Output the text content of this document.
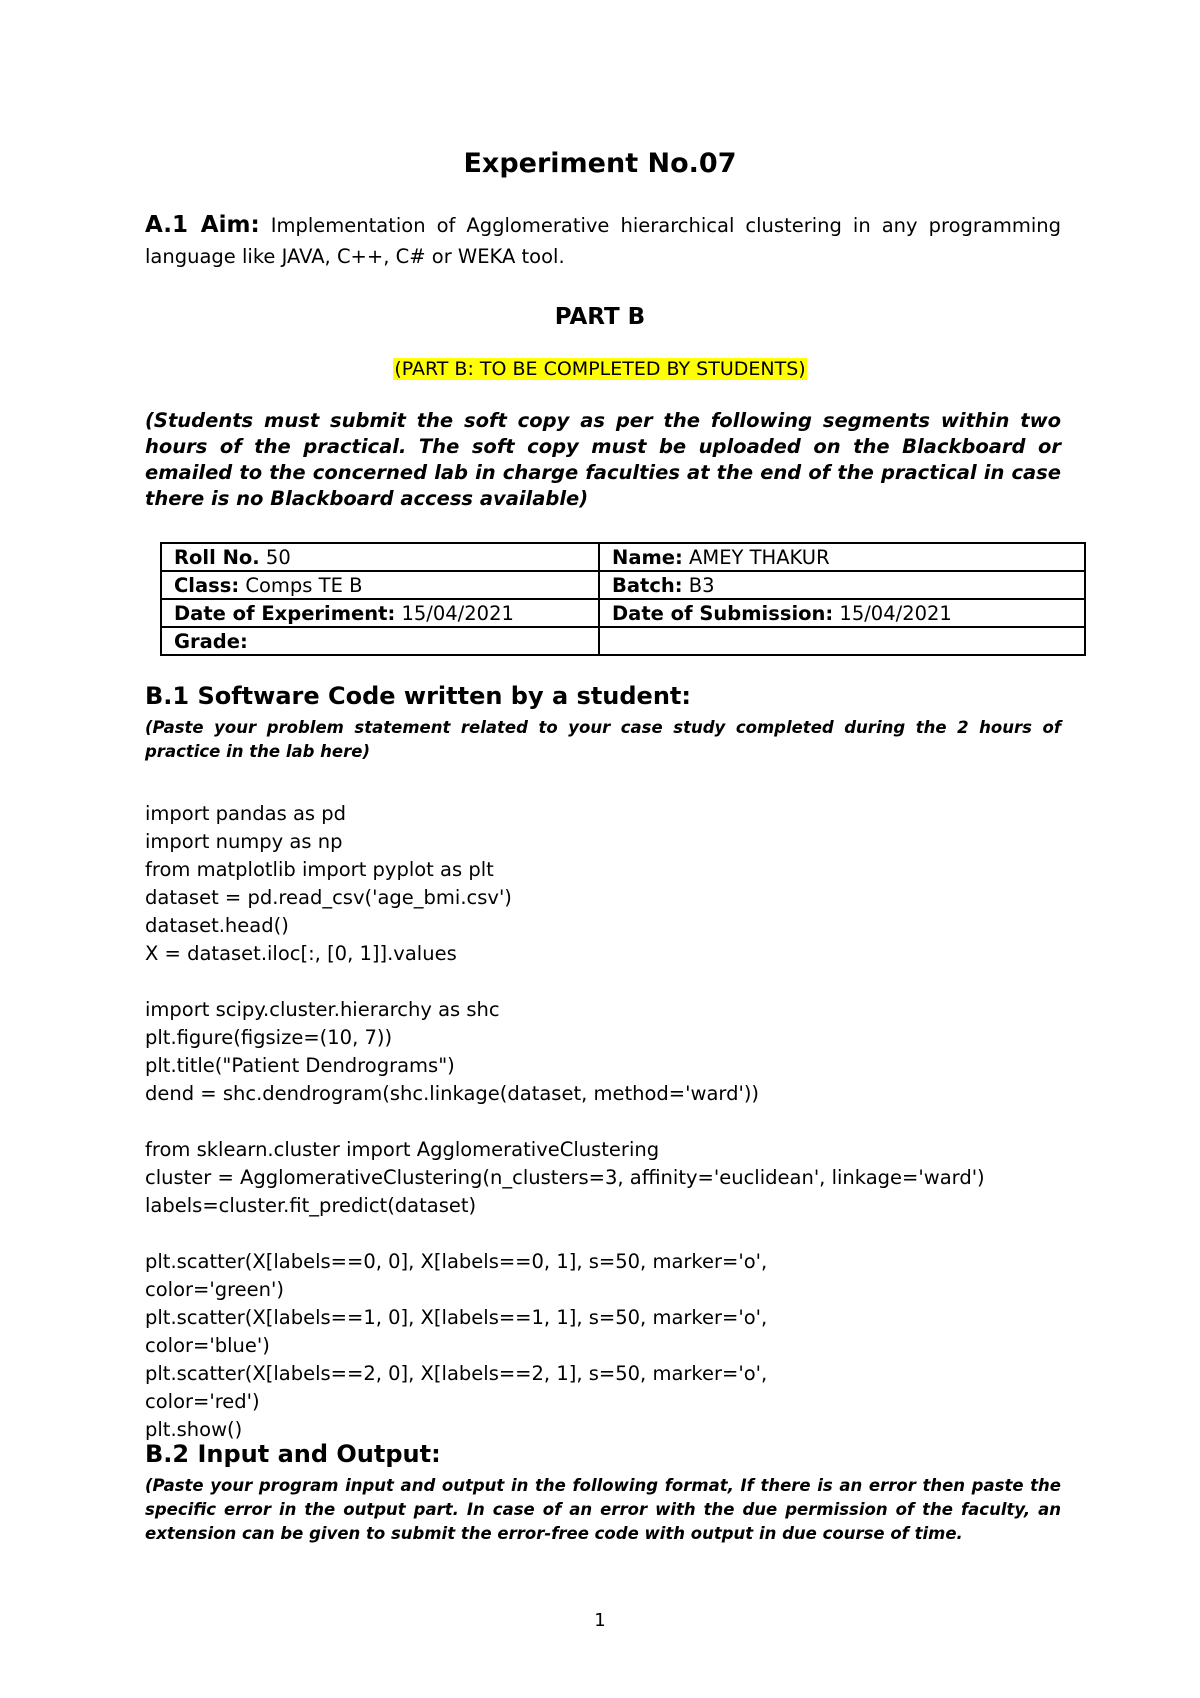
Experiment No.07
A.1 Aim: Implementation of Agglomerative hierarchical clustering in any programming language like JAVA, C++, C# or WEKA tool.
PART B
(PART B: TO BE COMPLETED BY STUDENTS)
(Students must submit the soft copy as per the following segments within two hours of the practical. The soft copy must be uploaded on the Blackboard or emailed to the concerned lab in charge faculties at the end of the practical in case there is no Blackboard access available)
Roll No. 50	Name: AMEY THAKUR
Class: Comps TE B	Batch: B3
Date of Experiment: 15/04/2021	Date of Submission: 15/04/2021
Grade:	
B.1 Software Code written by a student:
(Paste your problem statement related to your case study completed during the 2 hours of practice in the lab here)
import pandas as pd
import numpy as np
from matplotlib import pyplot as plt
dataset = pd.read_csv('age_bmi.csv')
dataset.head()
X = dataset.iloc[:, [0, 1]].values
import scipy.cluster.hierarchy as shc
plt.figure(figsize=(10, 7))
plt.title("Patient Dendrograms")
dend = shc.dendrogram(shc.linkage(dataset, method='ward'))
from sklearn.cluster import AgglomerativeClustering
cluster = AgglomerativeClustering(n_clusters=3, affinity='euclidean', linkage='ward')
labels=cluster.fit_predict(dataset)
plt.scatter(X[labels==0, 0], X[labels==0, 1], s=50, marker='o',
color='green')
plt.scatter(X[labels==1, 0], X[labels==1, 1], s=50, marker='o',
color='blue')
plt.scatter(X[labels==2, 0], X[labels==2, 1], s=50, marker='o',
color='red')
plt.show()
B.2 Input and Output:
(Paste your program input and output in the following format, If there is an error then paste the specific error in the output part. In case of an error with the due permission of the faculty, an extension can be given to submit the error-free code with output in due course of time.
1
